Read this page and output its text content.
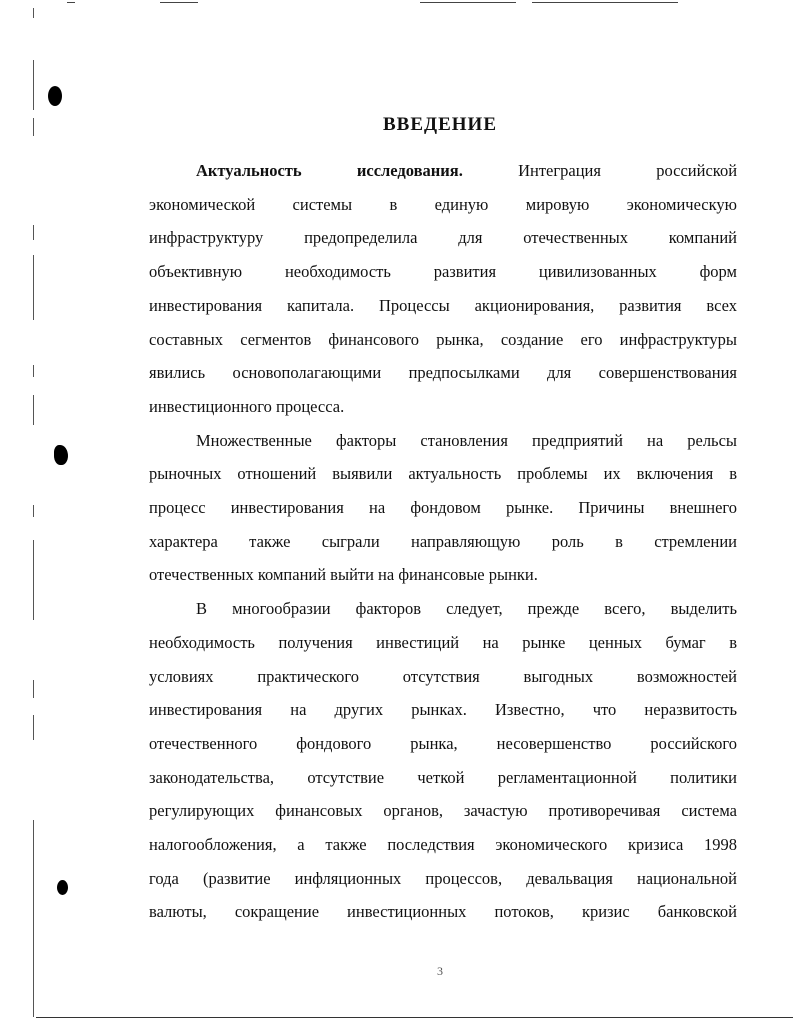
ВВЕДЕНИЕ
Актуальность исследования.	Интеграция российской
экономической системы в единую мировую экономическую
инфраструктуру предопределила для отечественных компаний
объективную необходимость развития цивилизованных форм
инвестирования капитала. Процессы акционирования, развития всех
составных сегментов финансового рынка, создание его инфраструктуры
явились основополагающими предпосылками для совершенствования
инвестиционного процесса.
Множественные факторы становления предприятий на рельсы
рыночных отношений выявили актуальность проблемы их включения в
процесс инвестирования на фондовом рынке. Причины внешнего
характера также сыграли направляющую роль в стремлении
отечественных компаний выйти на финансовые рынки.
В многообразии факторов следует, прежде всего, выделить
необходимость получения инвестиций на рынке ценных бумаг в
условиях практического отсутствия выгодных возможностей
инвестирования на других рынках. Известно, что неразвитость
отечественного фондового рынка, несовершенство российского
законодательства, отсутствие четкой регламентационной политики
регулирующих финансовых органов, зачастую противоречивая система
налогообложения, а также последствия экономического кризиса 1998
года (развитие инфляционных процессов, девальвация национальной
валюты, сокращение инвестиционных потоков, кризис банковской
3
